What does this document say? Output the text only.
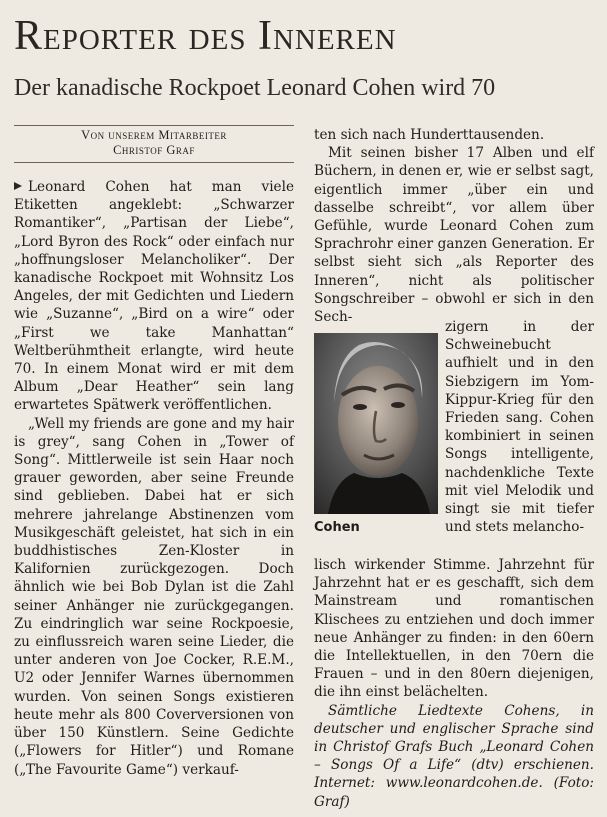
Reporter des Inneren
Der kanadische Rockpoet Leonard Cohen wird 70
Von unserem Mitarbeiter
Christof Graf

Leonard Cohen hat man viele Etiketten angeklebt: „Schwarzer Romantiker“, „Partisan der Liebe“, „Lord Byron des Rock“ oder einfach nur „hoffnungsloser Melancholiker“. Der kanadische Rockpoet mit Wohnsitz Los Angeles, der mit Gedichten und Liedern wie „Suzanne“, „Bird on a wire“ oder „First we take Manhattan“ Weltberühmtheit erlangte, wird heute 70. In einem Monat wird er mit dem Album „Dear Heather“ sein lang erwartetes Spätwerk veröffentlichen.

„Well my friends are gone and my hair is grey“, sang Cohen in „Tower of Song“. Mittlerweile ist sein Haar noch grauer geworden, aber seine Freunde sind geblieben. Dabei hat er sich mehrere jahrelange Abstinenzen vom Musikgeschäft geleistet, hat sich in ein buddhistisches Zen-Kloster in Kalifornien zurückgezogen. Doch ähnlich wie bei Bob Dylan ist die Zahl seiner Anhänger nie zurückgegangen. Zu eindringlich war seine Rockpoesie, zu einflussreich waren seine Lieder, die unter anderen von Joe Cocker, R.E.M., U2 oder Jennifer Warnes übernommen wurden. Von seinen Songs existieren heute mehr als 800 Coverversionen von über 150 Künstlern. Seine Gedichte („Flowers for Hitler“) und Romane („The Favourite Game“) verkauf-

ten sich nach Hunderttausenden.

Mit seinen bisher 17 Alben und elf Büchern, in denen er, wie er selbst sagt, eigentlich immer „über ein und dasselbe schreibt“, vor allem über Gefühle, wurde Leonard Cohen zum Sprachrohr einer ganzen Generation. Er selbst sieht sich „als Reporter des Inneren“, nicht als politischer Songschreiber – obwohl er sich in den Sech-

Cohen

zigern in der Schweinebucht aufhielt und in den Siebzigern im Yom-Kippur-Krieg für den Frieden sang. Cohen kombiniert in seinen Songs intelligente, nachdenkliche Texte mit viel Melodik und singt sie mit tiefer und stets melancho-

lisch wirkender Stimme. Jahrzehnt für Jahrzehnt hat er es geschafft, sich dem Mainstream und romantischen Klischees zu entziehen und doch immer neue Anhänger zu finden: in den 60ern die Intellektuellen, in den 70ern die Frauen – und in den 80ern diejenigen, die ihn einst belächelten.

Sämtliche Liedtexte Cohens, in deutscher und englischer Sprache sind in Christof Grafs Buch „Leonard Cohen – Songs Of a Life“ (dtv) erschienen. Internet: www.leonardcohen.de. (Foto: Graf)
